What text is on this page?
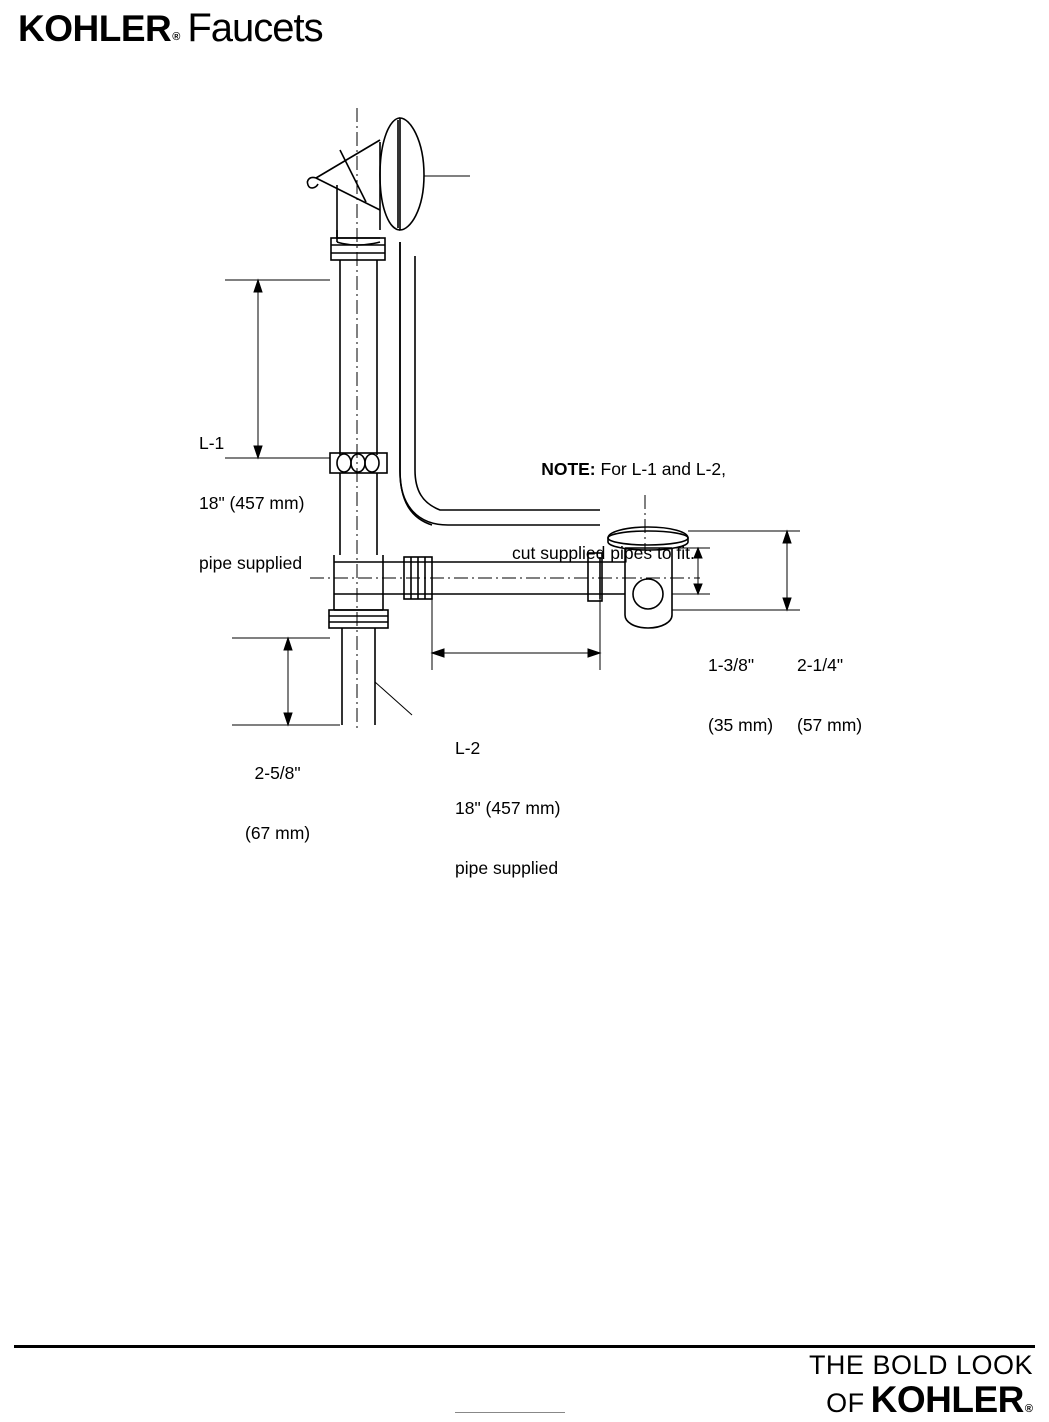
KOHLER ® Faucets

L-1

18" (457 mm)

pipe supplied

L-2

18" (457 mm)

pipe supplied

1-3/8"

(35 mm)

2-1/4"

(57 mm)

2-5/8"

(67 mm)

NOTE: For L-1 and L-2,

cut supplied pipes to fit.

THE BOLD LOOK
OF KOHLER ®
